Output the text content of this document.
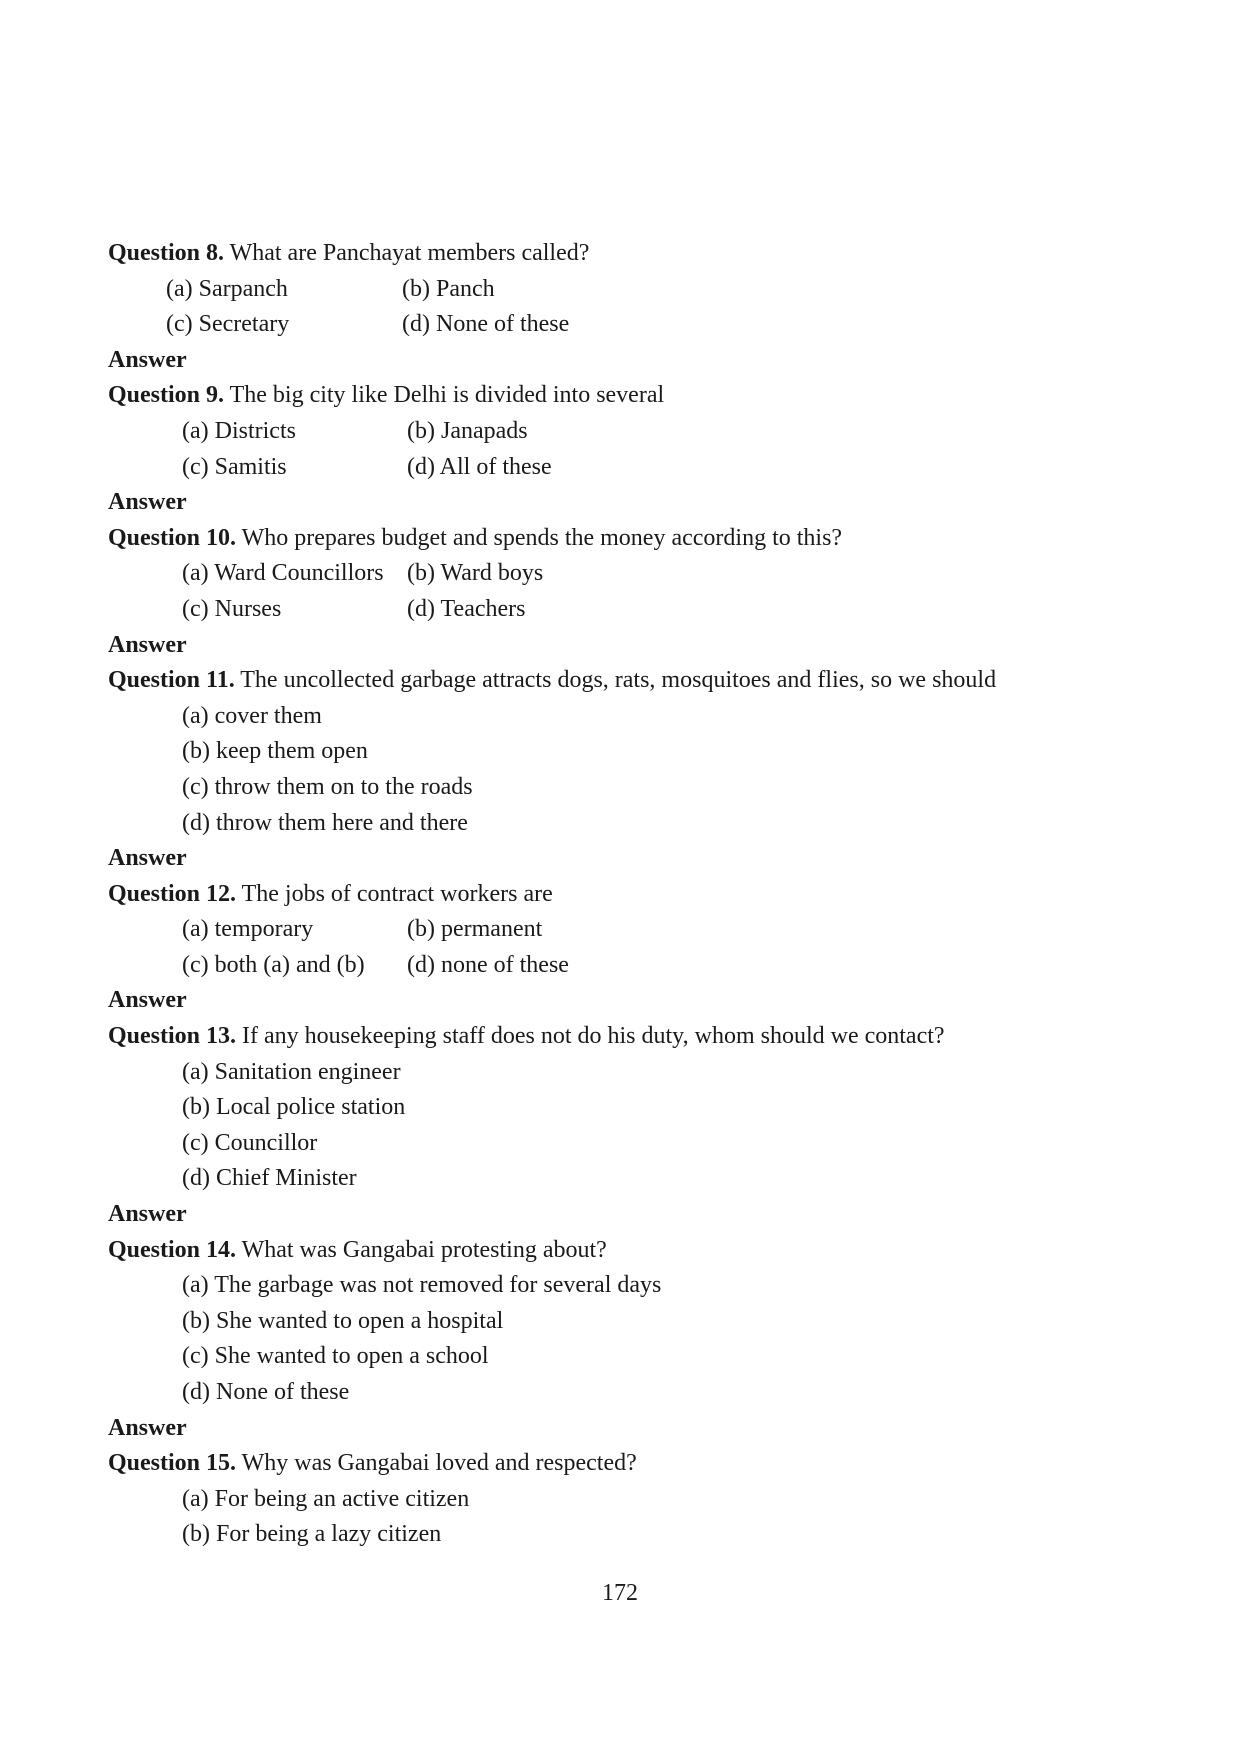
Question 8. What are Panchayat members called?
(a) Sarpanch	(b) Panch
(c) Secretary	(d) None of these
Answer
Question 9. The big city like Delhi is divided into several
(a) Districts	(b) Janapads
(c) Samitis	(d) All of these
Answer
Question 10. Who prepares budget and spends the money according to this?
(a) Ward Councillors (b) Ward boys
(c) Nurses	(d) Teachers
Answer
Question 11. The uncollected garbage attracts dogs, rats, mosquitoes and flies, so we should
(a) cover them
(b) keep them open
(c) throw them on to the roads
(d) throw them here and there
Answer
Question 12. The jobs of contract workers are
(a) temporary	(b) permanent
(c) both (a) and (b)	(d) none of these
Answer
Question 13. If any housekeeping staff does not do his duty, whom should we contact?
(a) Sanitation engineer
(b) Local police station
(c) Councillor
(d) Chief Minister
Answer
Question 14. What was Gangabai protesting about?
(a) The garbage was not removed for several days
(b) She wanted to open a hospital
(c) She wanted to open a school
(d) None of these
Answer
Question 15. Why was Gangabai loved and respected?
(a) For being an active citizen
(b) For being a lazy citizen
172
